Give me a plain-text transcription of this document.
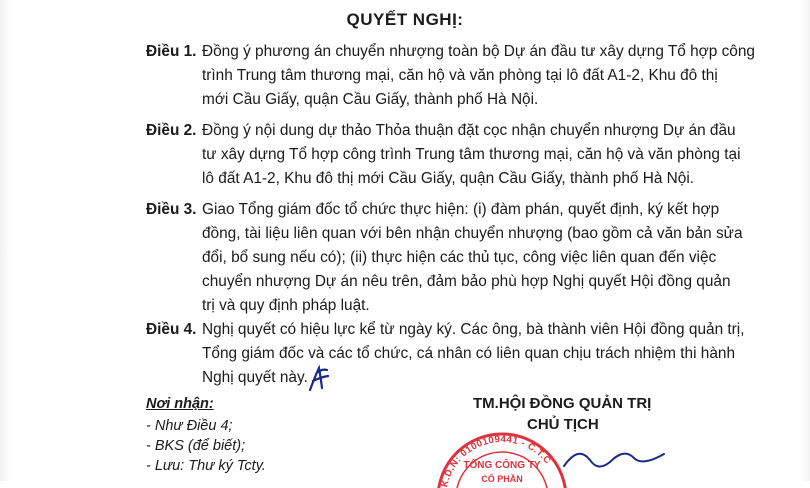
QUYẾT NGHỊ:
Điều 1. Đồng ý phương án chuyển nhượng toàn bộ Dự án đầu tư xây dựng Tổ hợp công
trình Trung tâm thương mại, căn hộ và văn phòng tại lô đất A1-2, Khu đô thị
mới Cầu Giấy, quận Cầu Giấy, thành phố Hà Nội.
Điều 2. Đồng ý nội dung dự thảo Thỏa thuận đặt cọc nhận chuyển nhượng Dự án đầu
tư xây dựng Tổ hợp công trình Trung tâm thương mại, căn hộ và văn phòng tại
lô đất A1-2, Khu đô thị mới Cầu Giấy, quận Cầu Giấy, thành phố Hà Nội.
Điều 3. Giao Tổng giám đốc tổ chức thực hiện: (i) đàm phán, quyết định, ký kết hợp
đồng, tài liệu liên quan với bên nhận chuyển nhượng (bao gồm cả văn bản sửa
đổi, bổ sung nếu có); (ii) thực hiện các thủ tục, công việc liên quan đến việc
chuyển nhượng Dự án nêu trên, đảm bảo phù hợp Nghị quyết Hội đồng quản
trị và quy định pháp luật.
Điều 4. Nghị quyết có hiệu lực kể từ ngày ký. Các ông, bà thành viên Hội đồng quản trị,
Tổng giám đốc và các tổ chức, cá nhân có liên quan chịu trách nhiệm thi hành
Nghị quyết này.
Nơi nhận:
- Như Điều 4;
- BKS (để biết);
- Lưu: Thư ký Tcty.
TM.HỘI ĐỒNG QUẢN TRỊ
CHỦ TỊCH
K.D.N: 0100109441 - C.T.C
TỔNG CÔNG TY
CỔ PHẦN
